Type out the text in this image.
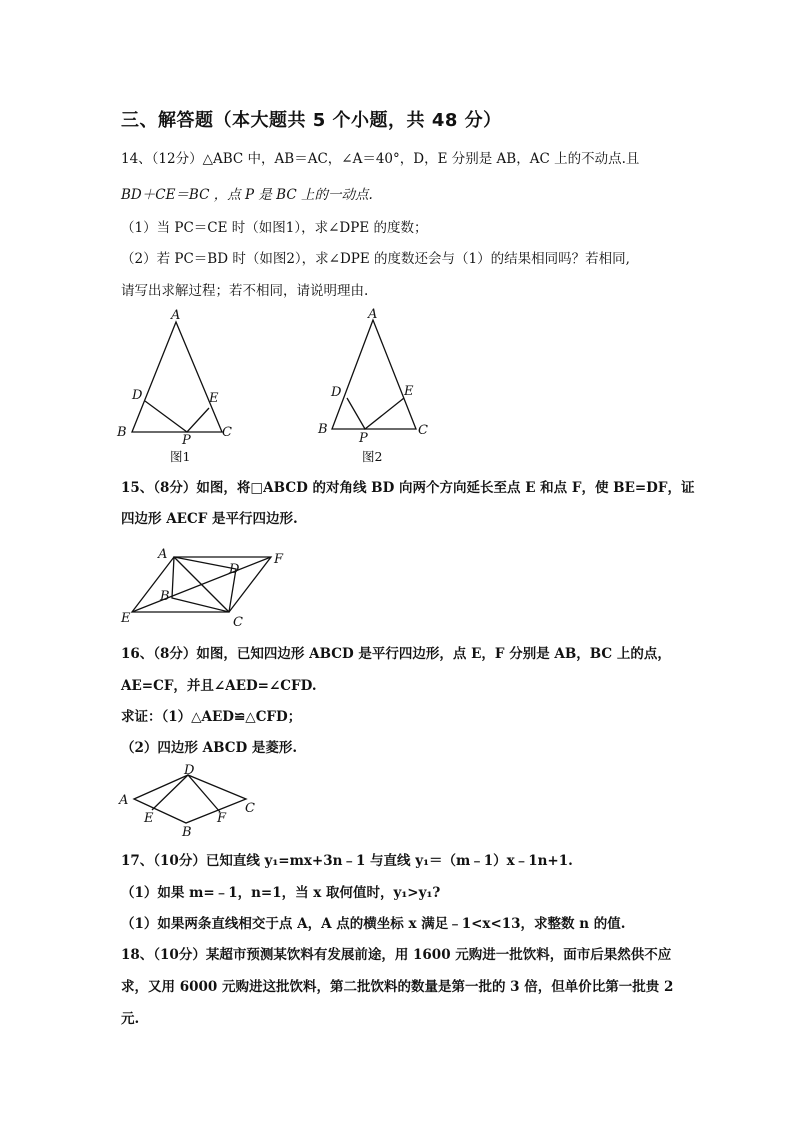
三、解答题（本大题共 5 个小题，共 48 分）
14、（12分）△ABC 中，AB＝AC，∠A＝40°，D，E 分别是 AB，AC 上的不动点.且
BD＋CE＝BC ，点 P 是 BC 上的一动点.
（1）当 PC＝CE 时（如图1），求∠DPE 的度数；
（2）若 PC＝BD 时（如图2），求∠DPE 的度数还会与（1）的结果相同吗？若相同,
请写出求解过程；若不相同，请说明理由.
A
B	C
D	E
P
图1
A
B	C
D	E
P
图2
15、（8分）如图，将□ABCD 的对角线 BD 向两个方向延长至点 E 和点 F，使 BE=DF，证
四边形 AECF 是平行四边形.
A
B
C
D
E
F
16、（8分）如图，已知四边形 ABCD 是平行四边形，点 E，F 分别是 AB，BC 上的点，
AE=CF，并且∠AED=∠CFD.
求证：（1）△AED≌△CFD；
（2）四边形 ABCD 是菱形.
A
B
C
D
E	F
17、（10分）已知直线 y₁=mx+3n﹣1 与直线 y₁＝（m﹣1）x﹣1n+1.
（1）如果 m=﹣1，n=1，当 x 取何值时，y₁>y₁?
（1）如果两条直线相交于点 A，A 点的横坐标 x 满足﹣1<x<13，求整数 n 的值.
18、（10分）某超市预测某饮料有发展前途，用 1600 元购进一批饮料，面市后果然供不应
求，又用 6000 元购进这批饮料，第二批饮料的数量是第一批的 3 倍，但单价比第一批贵 2
元.
